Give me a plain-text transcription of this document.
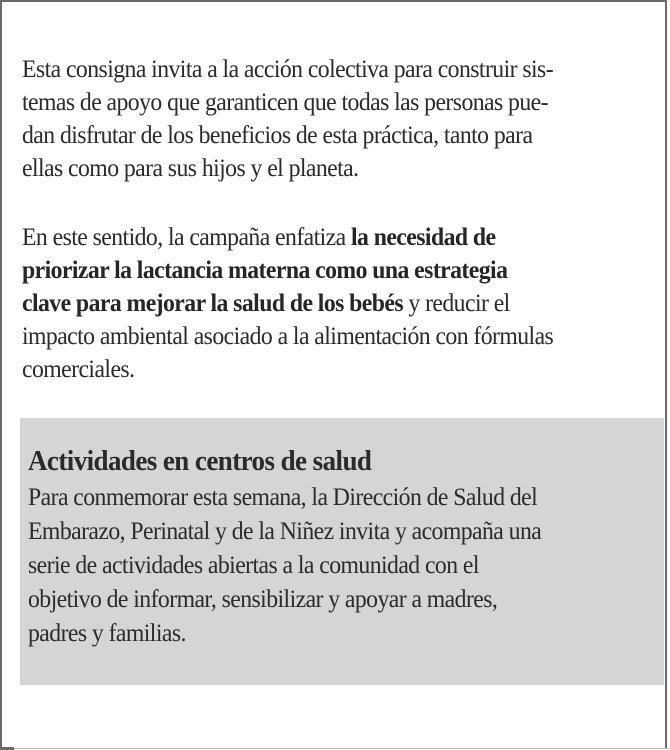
Esta consigna invita a la acción colectiva para construir sis-
temas de apoyo que garanticen que todas las personas pue-
dan disfrutar de los beneficios de esta práctica, tanto para
ellas como para sus hijos y el planeta.
En este sentido, la campaña enfatiza la necesidad de
priorizar la lactancia materna como una estrategia
clave para mejorar la salud de los bebés y reducir el
impacto ambiental asociado a la alimentación con fórmulas
comerciales.
Actividades en centros de salud
Para conmemorar esta semana, la Dirección de Salud del
Embarazo, Perinatal y de la Niñez invita y acompaña una
serie de actividades abiertas a la comunidad con el
objetivo de informar, sensibilizar y apoyar a madres,
padres y familias.
